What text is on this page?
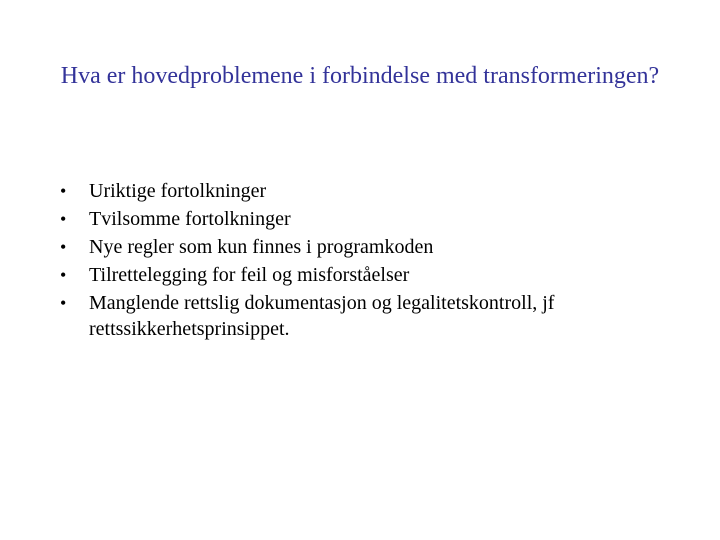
Hva er hovedproblemene i forbindelse med transformeringen?
• Uriktige fortolkninger
• Tvilsomme fortolkninger
• Nye regler som kun finnes i programkoden
• Tilrettelegging for feil og misforståelser
• Manglende rettslig dokumentasjon og legalitetskontroll, jf rettssikkerhetsprinsippet.
